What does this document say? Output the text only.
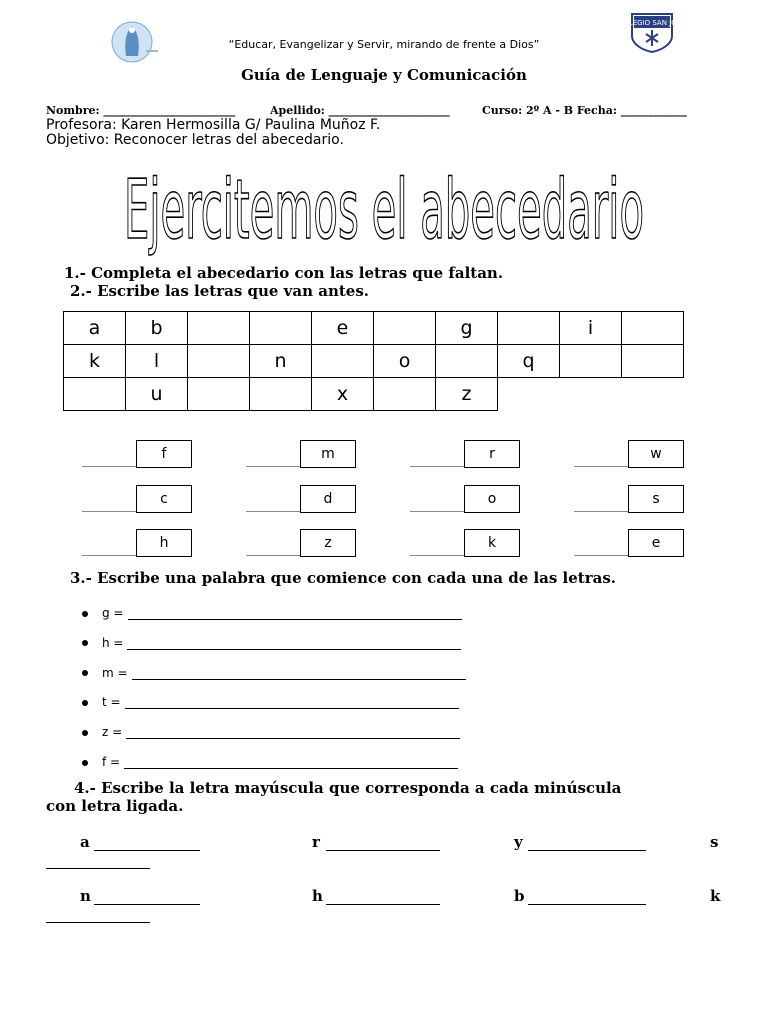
COLEGIO SAN JOSE
“Educar, Evangelizar y Servir, mirando de frente a Dios”
Guía de Lenguaje y Comunicación
Nombre: ________________________	Apellido: ______________________	Curso: 2º A - B Fecha: ____________
Profesora: Karen Hermosilla G/ Paulina Muñoz F.
Objetivo: Reconocer letras del abecedario.
Ejercitemos el abecedario
1.- Completa el abecedario con las letras que faltan.
2.- Escribe las letras que van antes.
a	b			e		g		i	
k	l		n		o		q		
	u			x		z			
f	m	r	w
c	d	o	s
h	z	k	e
3.- Escribe una palabra que comience con cada una de las letras.
g =
h =
m =
t =
z =
f =
4.- Escribe la letra mayúscula que corresponda a cada minúscula
con letra ligada.
a	r	y	s
n	h	b	k
